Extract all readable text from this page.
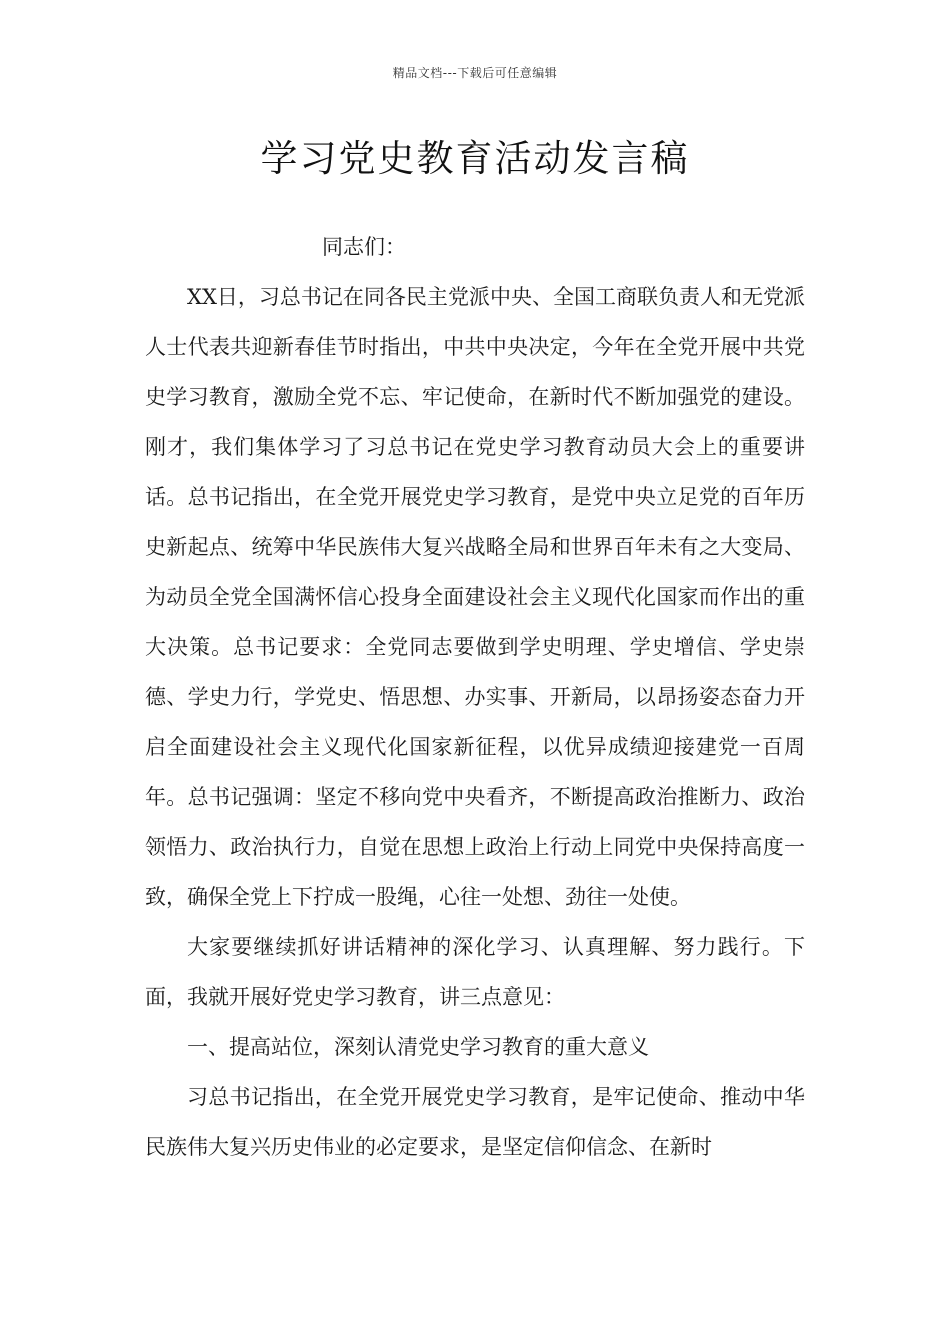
精品文档---下载后可任意编辑
学习党史教育活动发言稿

同志们：

XX日，习总书记在同各民主党派中央、全国工商联负责人和无党派人士代表共迎新春佳节时指出，中共中央决定，今年在全党开展中共党史学习教育，激励全党不忘、牢记使命，在新时代不断加强党的建设。刚才，我们集体学习了习总书记在党史学习教育动员大会上的重要讲话。总书记指出，在全党开展党史学习教育，是党中央立足党的百年历史新起点、统筹中华民族伟大复兴战略全局和世界百年未有之大变局、为动员全党全国满怀信心投身全面建设社会主义现代化国家而作出的重大决策。总书记要求：全党同志要做到学史明理、学史增信、学史崇德、学史力行，学党史、悟思想、办实事、开新局，以昂扬姿态奋力开启全面建设社会主义现代化国家新征程，以优异成绩迎接建党一百周年。总书记强调：坚定不移向党中央看齐，不断提高政治推断力、政治领悟力、政治执行力，自觉在思想上政治上行动上同党中央保持高度一致，确保全党上下拧成一股绳，心往一处想、劲往一处使。

大家要继续抓好讲话精神的深化学习、认真理解、努力践行。下面，我就开展好党史学习教育，讲三点意见：

一、提高站位，深刻认清党史学习教育的重大意义

习总书记指出，在全党开展党史学习教育，是牢记使命、推动中华民族伟大复兴历史伟业的必定要求，是坚定信仰信念、在新时
